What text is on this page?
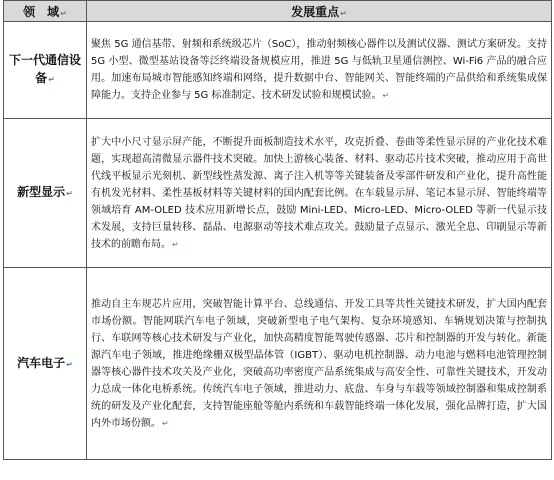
领　域↵	发展重点↵
下一代通信设备↵	聚焦 5G 通信基带、射频和系统级芯片（SoC），推动射频核心器件以及测试仪器、测试方案研发。支持 5G 小型、微型基站设备等泛终端设备规模应用，推进 5G 与低轨卫星通信测控、Wi-Fi6 产品的融合应用。加速布局城市智能感知终端和网络，提升数据中台、智能网关、智能终端的产品供给和系统集成保障能力。支持企业参与 5G 标准制定、技术研发试验和规模试验。↵
新型显示↵	扩大中小尺寸显示屏产能，不断提升面板制造技术水平，攻克折叠、卷曲等柔性显示屏的产业化技术难题，实现超高清微显示器件技术突破。加快上游核心装备、材料、驱动芯片技术突破，推动应用于高世代线平板显示光刻机、新型线性蒸发源、离子注入机等等关键装备及零部件研发和产业化，提升高性能有机发光材料、柔性基板材料等关键材料的国内配套比例。在车载显示屏、笔记本显示屏、智能终端等领域培育 AM-OLED 技术应用新增长点，鼓励 Mini-LED、Micro-LED、Micro-OLED 等新一代显示技术发展，支持巨量转移、磊晶、电源驱动等技术难点攻关。鼓励量子点显示、激光全息、印刷显示等新技术的前瞻布局。↵
汽车电子↵	推动自主车规芯片应用，突破智能计算平台、总线通信、开发工具等共性关键技术研发，扩大国内配套市场份额。智能网联汽车电子领域，突破新型电子电气架构、复杂环境感知、车辆规划决策与控制执行、车联网等核心技术研发与产业化，加快高精度智能驾驶传感器、芯片和控制器的开发与转化。新能源汽车电子领域，推进绝缘栅双极型晶体管（IGBT）、驱动电机控制器、动力电池与燃料电池管理控制器等核心器件技术攻关及产业化，突破高功率密度产品系统集成与高安全性、可靠性关键技术，开发动力总成一体化电桥系统。传统汽车电子领域，推进动力、底盘、车身与车载等领域控制器和集成控制系统的研发及产业化配套，支持智能座舱等舱内系统和车载智能终端一体化发展，强化品牌打造，扩大国内外市场份额。↵
